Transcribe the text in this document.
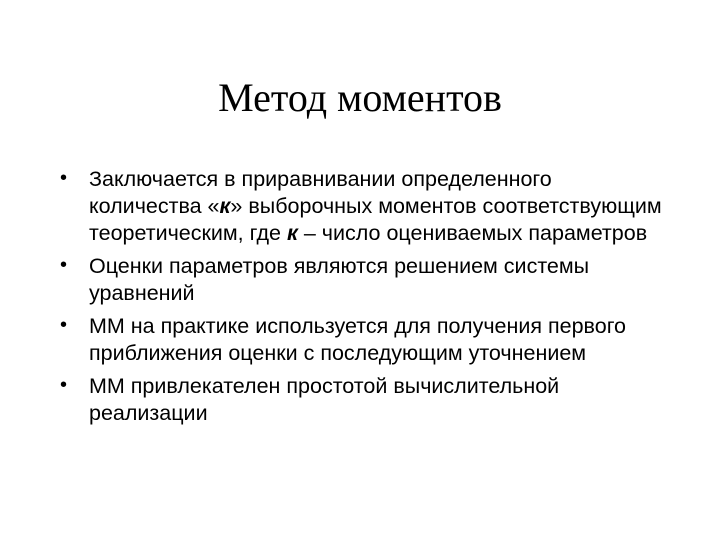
Метод моментов
• Заключается в приравнивании определенного количества «к» выборочных моментов соответствующим теоретическим, где к – число оцениваемых параметров
• Оценки параметров являются решением системы уравнений
• ММ на практике используется для получения первого приближения оценки с последующим уточнением
• ММ привлекателен простотой вычислительной реализации
